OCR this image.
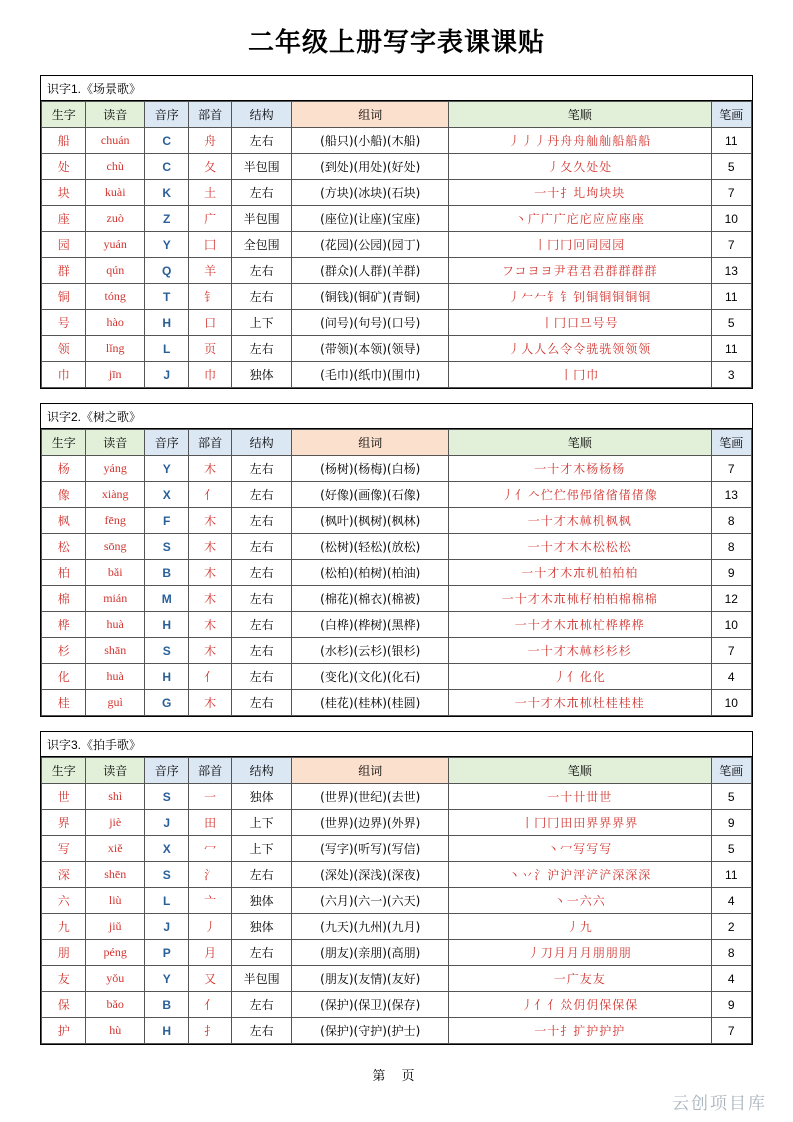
二年级上册写字表课课贴
识字1.《场景歌》
生字	读音	音序	部首	结构	组词	笔顺	笔画
船	chuán	C	舟	左右	(船只)(小船)(木船)	丿丿丿丹舟舟舢舢船船船	11
处	chù	C	夂	半包围	(到处)(用处)(好处)	丿夂久处处	5
块	kuài	K	土	左右	(方块)(冰块)(石块)	一十扌圠坸块块	7
座	zuò	Z	广	半包围	(座位)(让座)(宝座)	丶广广广庀庀应应座座	10
园	yuán	Y	囗	全包围	(花园)(公园)(园丁)	丨冂冂冋同园园	7
群	qún	Q	羊	左右	(群众)(人群)(羊群)	フコヨヨ尹君君君群群群群	13
铜	tóng	T	钅	左右	(铜钱)(铜矿)(青铜)	丿𠂉𠂉钅钅钊铜铜铜铜铜	11
号	hào	H	口	上下	(问号)(句号)(口号)	丨冂口므号号	5
领	lǐng	L	页	左右	(带领)(本领)(领导)	丿人人么令令𬳽𬳽领领领	11
巾	jīn	J	巾	独体	(毛巾)(纸巾)(围巾)	丨冂巾	3
识字2.《树之歌》
生字	读音	音序	部首	结构	组词	笔顺	笔画
杨	yáng	Y	木	左右	(杨树)(杨梅)(白杨)	一十才木杨杨杨	7
像	xiàng	X	亻	左右	(好像)(画像)(石像)	丿亻𠆢伫伫伄伄偗偗偖偖像	13
枫	fēng	F	木	左右	(枫叶)(枫树)(枫林)	一十才木𣏟机枫枫	8
松	sōng	S	木	左右	(松树)(轻松)(放松)	一十才木木松松松	8
柏	bǎi	B	木	左右	(松柏)(柏树)(柏油)	一十才木𣎳机柏柏柏	9
棉	mián	M	木	左右	(棉花)(棉衣)(棉被)	一十才木𣎳𣏕杍柏柏棉棉棉	12
桦	huà	H	木	左右	(白桦)(桦树)(黑桦)	一十才木𣎳𣏕杧桦桦桦	10
杉	shān	S	木	左右	(水杉)(云杉)(银杉)	一十才木𣏟杉杉杉	7
化	huà	H	亻	左右	(变化)(文化)(化石)	丿亻化化	4
桂	guì	G	木	左右	(桂花)(桂林)(桂圆)	一十才木𣎳𣏕杜桂桂桂	10
识字3.《拍手歌》
生字	读音	音序	部首	结构	组词	笔顺	笔画
世	shì	S	一	独体	(世界)(世纪)(去世)	一十卄丗世	5
界	jiè	J	田	上下	(世界)(边界)(外界)	丨冂冂田田界界界界	9
写	xiě	X	冖	上下	(写字)(听写)(写信)	丶冖写写写	5
深	shēn	S	氵	左右	(深处)(深浅)(深夜)	丶丷氵沪沪泙浐浐深深深	11
六	liù	L	亠	独体	(六月)(六一)(六天)	丶一六六	4
九	jiǔ	J	丿	独体	(九天)(九州)(九月)	丿九	2
朋	péng	P	月	左右	(朋友)(亲朋)(高朋)	丿刀月月月朋朋朋	8
友	yǒu	Y	又	半包围	(朋友)(友情)(友好)	一广友友	4
保	bǎo	B	亻	左右	(保护)(保卫)(保存)	丿亻亻𠈌仴仴保保保	9
护	hù	H	扌	左右	(保护)(守护)(护士)	一十扌扩护护护	7
第 页
云创项目库
